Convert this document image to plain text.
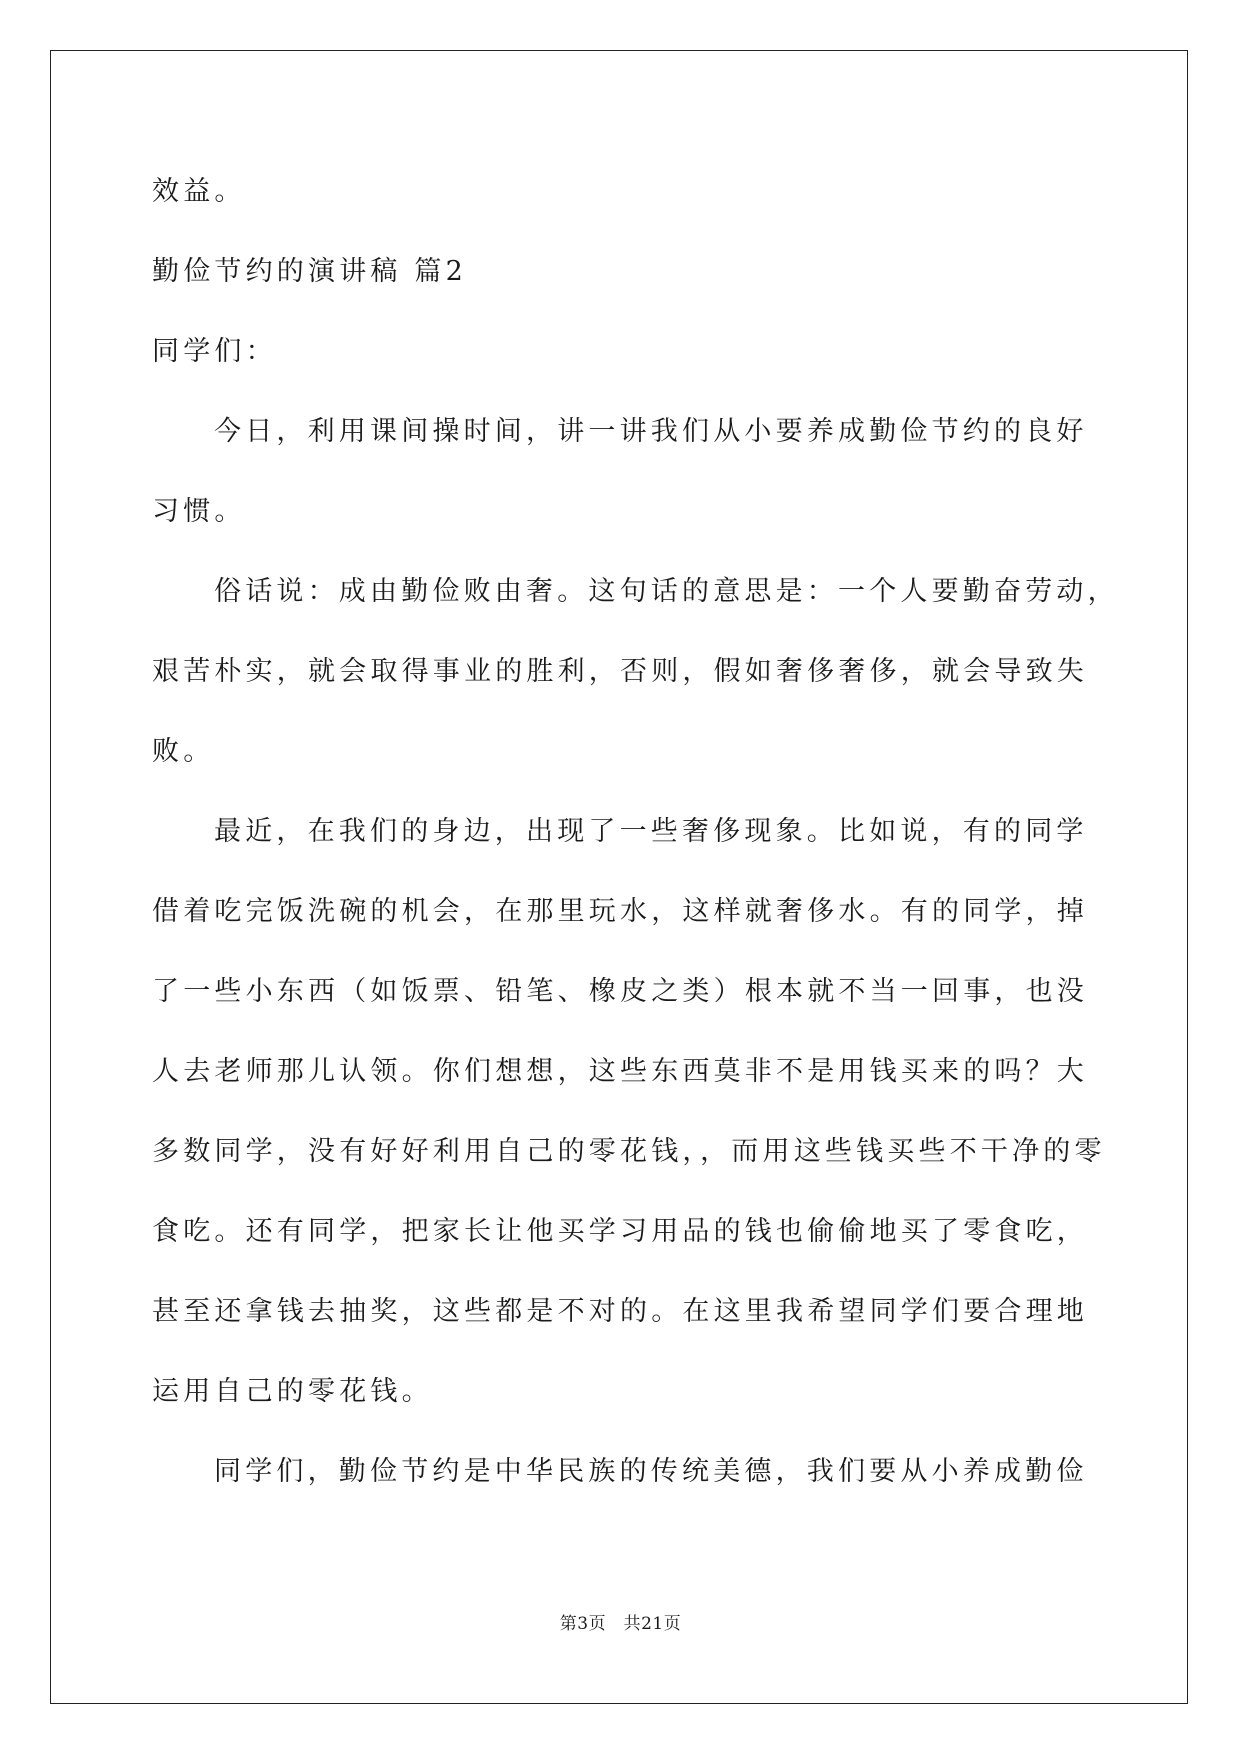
效益。
勤俭节约的演讲稿 篇2
同学们：
今日，利用课间操时间，讲一讲我们从小要养成勤俭节约的良好
习惯。
俗话说：成由勤俭败由奢。这句话的意思是：一个人要勤奋劳动，
艰苦朴实，就会取得事业的胜利，否则，假如奢侈奢侈，就会导致失
败。
最近，在我们的身边，出现了一些奢侈现象。比如说，有的同学
借着吃完饭洗碗的机会，在那里玩水，这样就奢侈水。有的同学，掉
了一些小东西（如饭票、铅笔、橡皮之类）根本就不当一回事，也没
人去老师那儿认领。你们想想，这些东西莫非不是用钱买来的吗？大
多数同学，没有好好利用自己的零花钱，，而用这些钱买些不干净的零
食吃。还有同学，把家长让他买学习用品的钱也偷偷地买了零食吃，
甚至还拿钱去抽奖，这些都是不对的。在这里我希望同学们要合理地
运用自己的零花钱。
同学们，勤俭节约是中华民族的传统美德，我们要从小养成勤俭
第3页　共21页
